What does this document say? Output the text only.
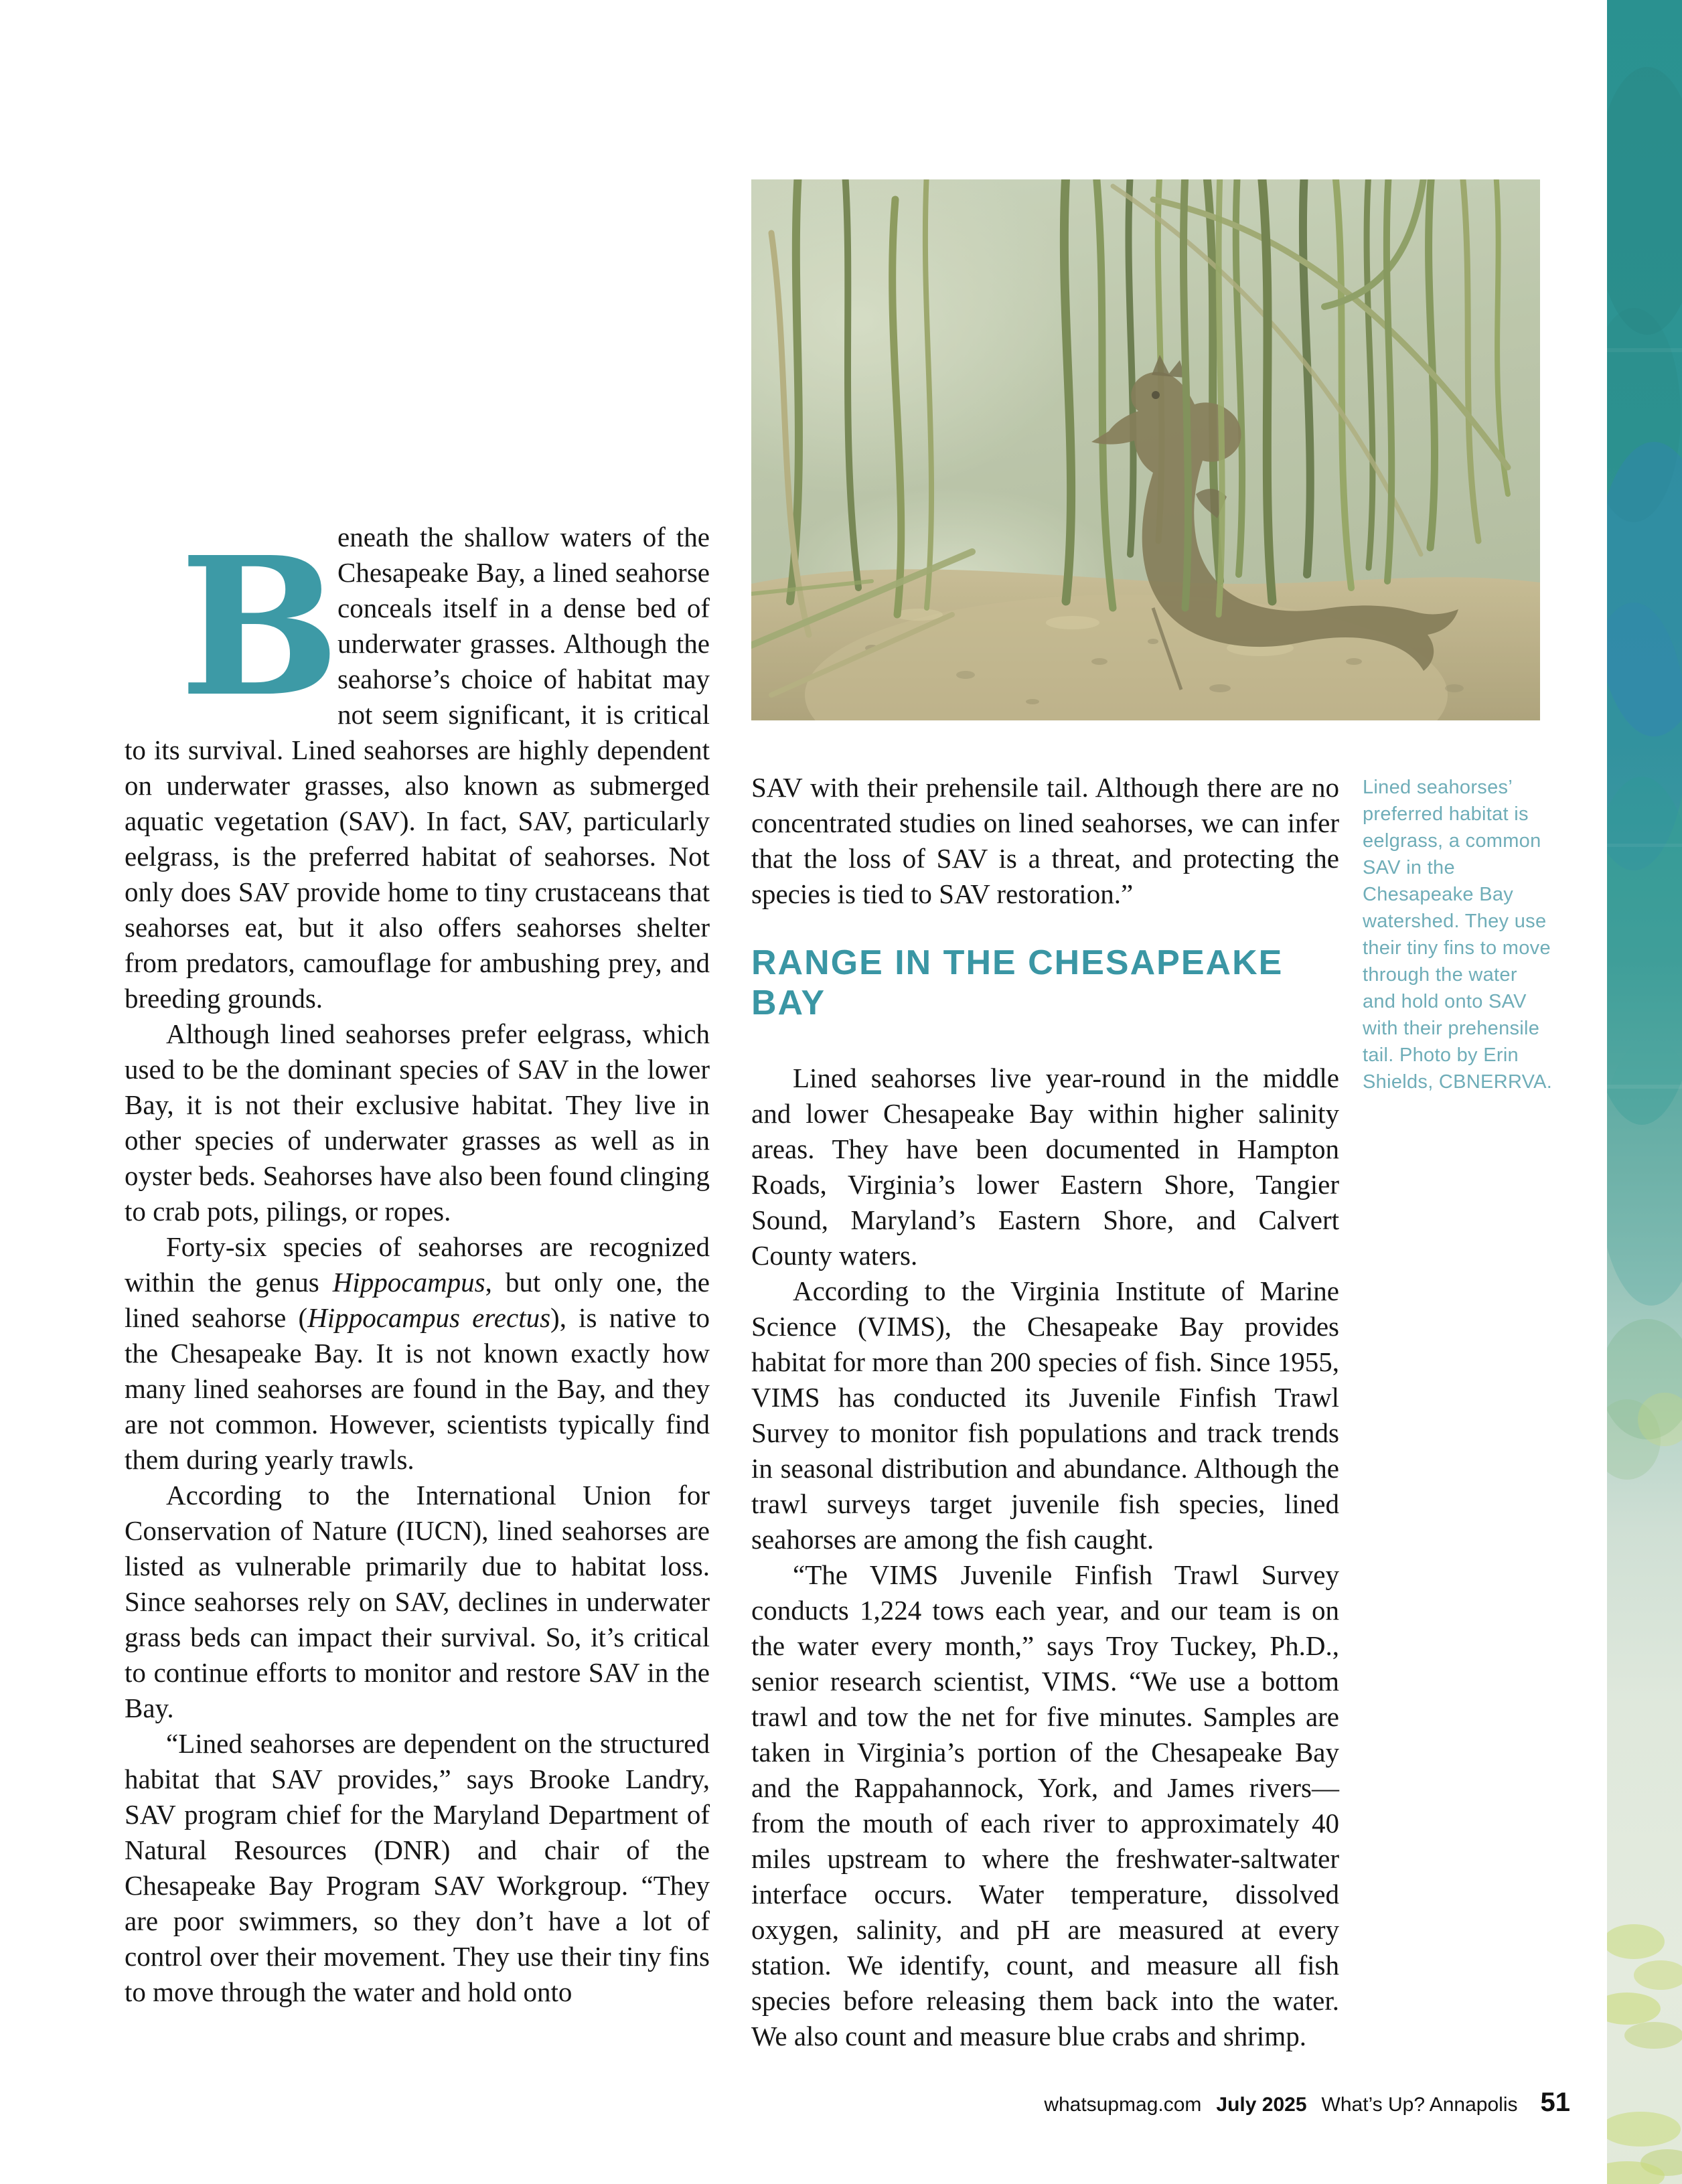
B
eneath the shallow waters of the Chesapeake Bay, a lined seahorse conceals itself in a dense bed of underwater grasses. Although the seahorse’s choice of habitat may not seem significant, it is critical to its survival. Lined seahorses are highly dependent on underwater grasses, also known as submerged aquatic vegetation (SAV). In fact, SAV, particularly eelgrass, is the preferred habitat of seahorses. Not only does SAV provide home to tiny crustaceans that seahorses eat, but it also offers seahorses shelter from predators, camouflage for ambushing prey, and breeding grounds.

Although lined seahorses prefer eelgrass, which used to be the dominant species of SAV in the lower Bay, it is not their exclusive habitat. They live in other species of underwater grasses as well as in oyster beds. Seahorses have also been found clinging to crab pots, pilings, or ropes.

Forty-six species of seahorses are recognized within the genus Hippocampus, but only one, the lined seahorse (Hippocampus erectus), is native to the Chesapeake Bay. It is not known exactly how many lined seahorses are found in the Bay, and they are not common. However, scientists typically find them during yearly trawls.

According to the International Union for Conservation of Nature (IUCN), lined seahorses are listed as vulnerable primarily due to habitat loss. Since seahorses rely on SAV, declines in underwater grass beds can impact their survival. So, it’s critical to continue efforts to monitor and restore SAV in the Bay.

“Lined seahorses are dependent on the structured habitat that SAV provides,” says Brooke Landry, SAV program chief for the Maryland Department of Natural Resources (DNR) and chair of the Chesapeake Bay Program SAV Workgroup. “They are poor swimmers, so they don’t have a lot of control over their movement. They use their tiny fins to move through the water and hold onto

SAV with their prehensile tail. Although there are no concentrated studies on lined seahorses, we can infer that the loss of SAV is a threat, and protecting the species is tied to SAV restoration.”

RANGE IN THE CHESAPEAKE BAY

Lined seahorses live year-round in the middle and lower Chesapeake Bay within higher salinity areas. They have been documented in Hampton Roads, Virginia’s lower Eastern Shore, Tangier Sound, Maryland’s Eastern Shore, and Calvert County waters.

According to the Virginia Institute of Marine Science (VIMS), the Chesapeake Bay provides habitat for more than 200 species of fish. Since 1955, VIMS has conducted its Juvenile Finfish Trawl Survey to monitor fish populations and track trends in seasonal distribution and abundance. Although the trawl surveys target juvenile fish species, lined seahorses are among the fish caught.

“The VIMS Juvenile Finfish Trawl Survey conducts 1,224 tows each year, and our team is on the water every month,” says Troy Tuckey, Ph.D., senior research scientist, VIMS. “We use a bottom trawl and tow the net for five minutes. Samples are taken in Virginia’s portion of the Chesapeake Bay and the Rappahannock, York, and James rivers—from the mouth of each river to approximately 40 miles upstream to where the freshwater-saltwater interface occurs. Water temperature, dissolved oxygen, salinity, and pH are measured at every station. We identify, count, and measure all fish species before releasing them back into the water. We also count and measure blue crabs and shrimp.

Lined seahorses’ preferred habitat is eelgrass, a common SAV in the Chesapeake Bay watershed. They use their tiny fins to move through the water and hold onto SAV with their prehensile tail. Photo by Erin Shields, CBNERRVA.
whatsupmag.com July 2025 What’s Up? Annapolis 51
